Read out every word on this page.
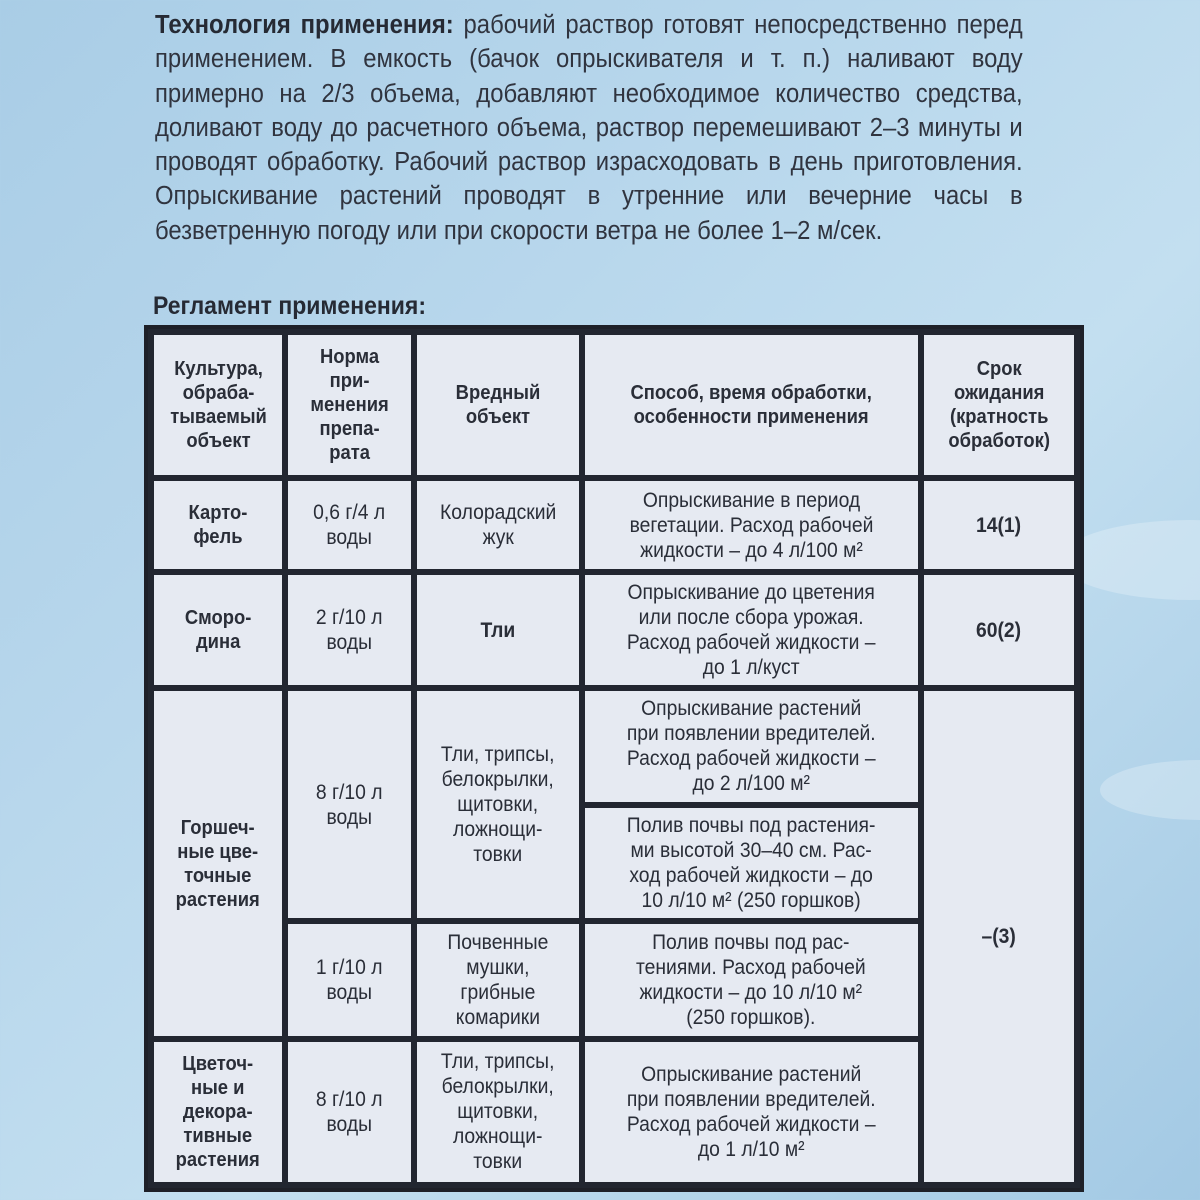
Технология применения: рабочий раствор готовят непосредственно перед применением. В емкость (бачок опрыскивателя и т. п.) наливают воду примерно на 2/3 объема, добавляют необходимое количество средства, доливают воду до расчетного объема, раствор перемешивают 2–3 минуты и проводят обработку. Рабочий раствор израсходовать в день приготовления. Опрыскивание растений проводят в утренние или вечерние часы в безветренную погоду или при скорости ветра не более 1–2 м/сек.
Регламент применения:
Культура,
обраба-
тываемый
объект	Норма
при-
менения
препа-
рата	Вредный
объект	Способ, время обработки,
особенности применения	Срок
ожидания
(кратность
обработок)
Карто-
фель	0,6 г/4 л
воды	Колорадский
жук	Опрыскивание в период
вегетации. Расход рабочей
жидкости – до 4 л/100 м²	14(1)
Сморо-
дина	2 г/10 л
воды	Тли	Опрыскивание до цветения
или после сбора урожая.
Расход рабочей жидкости –
до 1 л/куст	60(2)
Горшеч-
ные цве-
точные
растения	8 г/10 л
воды	Тли, трипсы,
белокрылки,
щитовки,
ложнощи-
товки	Опрыскивание растений
при появлении вредителей.
Расход рабочей жидкости –
до 2 л/100 м²	–(3)
			Полив почвы под растения-
ми высотой 30–40 см. Рас-
ход рабочей жидкости – до
10 л/10 м² (250 горшков)	
	1 г/10 л
воды	Почвенные
мушки,
грибные
комарики	Полив почвы под рас-
тениями. Расход рабочей
жидкости – до 10 л/10 м²
(250 горшков).	
Цветоч-
ные и
декора-
тивные
растения	8 г/10 л
воды	Тли, трипсы,
белокрылки,
щитовки,
ложнощи-
товки	Опрыскивание растений
при появлении вредителей.
Расход рабочей жидкости –
до 1 л/10 м²	
